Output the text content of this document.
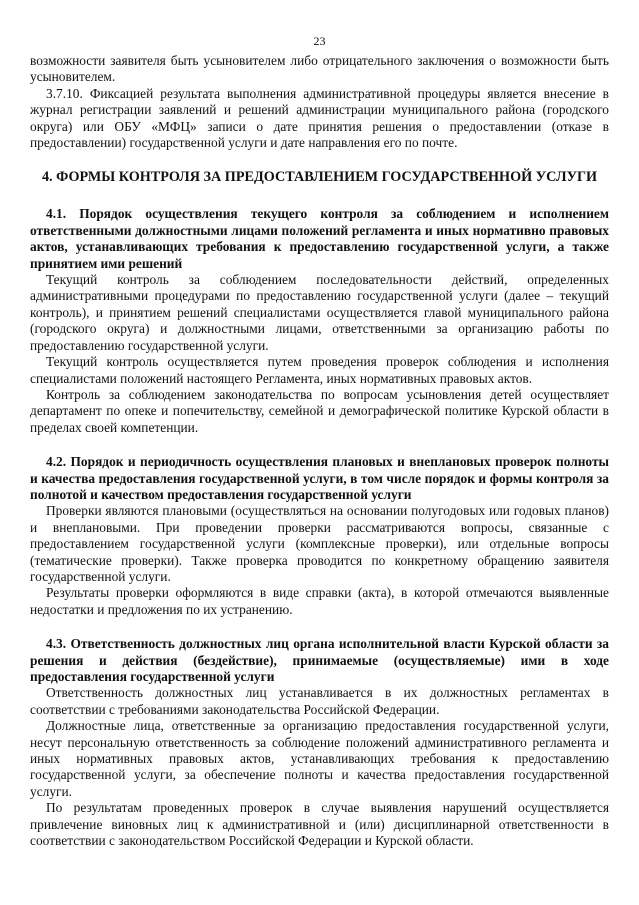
23

возможности заявителя быть усыновителем либо отрицательного заключения о возможности быть усыновителем.

3.7.10. Фиксацией результата выполнения административной процедуры является внесение в журнал регистрации заявлений и решений администрации муниципального района (городского округа) или ОБУ «МФЦ» записи о дате принятия решения о предоставлении (отказе в предоставлении) государственной услуги и дате направления его по почте.

4. ФОРМЫ КОНТРОЛЯ ЗА ПРЕДОСТАВЛЕНИЕМ ГОСУДАРСТВЕННОЙ УСЛУГИ

4.1. Порядок осуществления текущего контроля за соблюдением и исполнением ответственными должностными лицами положений регламента и иных нормативно правовых актов, устанавливающих требования к предоставлению государственной услуги, а также принятием ими решений

Текущий контроль за соблюдением последовательности действий, определенных административными процедурами по предоставлению государственной услуги (далее – текущий контроль), и принятием решений специалистами осуществляется главой муниципального района (городского округа) и должностными лицами, ответственными за организацию работы по предоставлению государственной услуги.

Текущий контроль осуществляется путем проведения проверок соблюдения и исполнения специалистами положений настоящего Регламента, иных нормативных правовых актов.

Контроль за соблюдением законодательства по вопросам усыновления детей осуществляет департамент по опеке и попечительству, семейной и демографической политике Курской области в пределах своей компетенции.

4.2. Порядок и периодичность осуществления плановых и внеплановых проверок полноты и качества предоставления государственной услуги, в том числе порядок и формы контроля за полнотой и качеством предоставления государственной услуги

Проверки являются плановыми (осуществляться на основании полугодовых или годовых планов) и внеплановыми. При проведении проверки рассматриваются вопросы, связанные с предоставлением государственной услуги (комплексные проверки), или отдельные вопросы (тематические проверки). Также проверка проводится по конкретному обращению заявителя государственной услуги.

Результаты проверки оформляются в виде справки (акта), в которой отмечаются выявленные недостатки и предложения по их устранению.

4.3. Ответственность должностных лиц органа исполнительной власти Курской области за решения и действия (бездействие), принимаемые (осуществляемые) ими в ходе предоставления государственной услуги

Ответственность должностных лиц устанавливается в их должностных регламентах в соответствии с требованиями законодательства Российской Федерации.

Должностные лица, ответственные за организацию предоставления государственной услуги, несут персональную ответственность за соблюдение положений административного регламента и иных нормативных правовых актов, устанавливающих требования к предоставлению государственной услуги, за обеспечение полноты и качества предоставления государственной услуги.

По результатам проведенных проверок в случае выявления нарушений осуществляется привлечение виновных лиц к административной и (или) дисциплинарной ответственности в соответствии с законодательством Российской Федерации и Курской области.
